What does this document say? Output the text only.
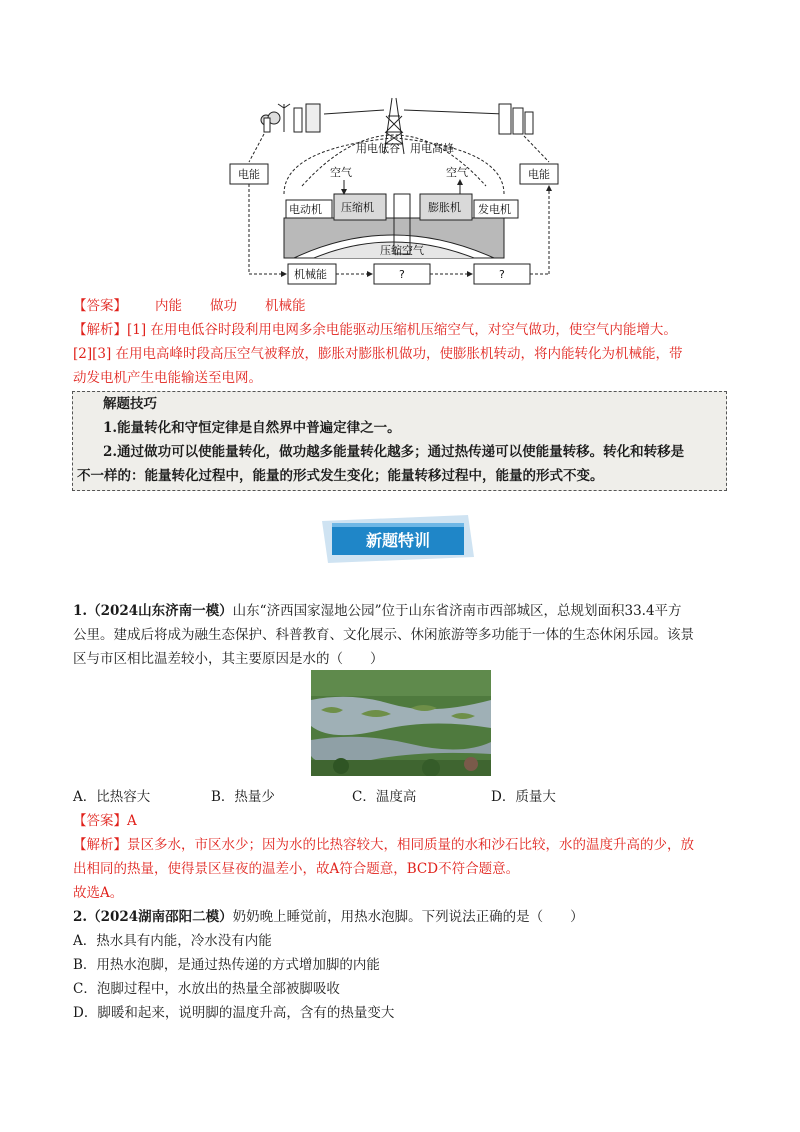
电能	电能
用电低谷 用电高峰
空气	空气
电动机 压缩机	膨胀机 发电机
压缩空气
机械能	?	?
【答案】 内能 做功 机械能
【解析】[1] 在用电低谷时段利用电网多余电能驱动压缩机压缩空气，对空气做功，使空气内能增大。
[2][3] 在用电高峰时段高压空气被释放，膨胀对膨胀机做功，使膨胀机转动，将内能转化为机械能，带
动发电机产生电能输送至电网。
解题技巧
1.能量转化和守恒定律是自然界中普遍定律之一。
2.通过做功可以使能量转化，做功越多能量转化越多；通过热传递可以使能量转移。转化和转移是
不一样的：能量转化过程中，能量的形式发生变化；能量转移过程中，能量的形式不变。
新题特训
1.（2024山东济南一模）山东“济西国家湿地公园”位于山东省济南市西部城区，总规划面积33.4平方
公里。建成后将成为融生态保护、科普教育、文化展示、休闲旅游等多功能于一体的生态休闲乐园。该景
区与市区相比温差较小，其主要原因是水的（　　）
A．比热容大	B．热量少	C．温度高	D．质量大
【答案】A
【解析】景区多水，市区水少；因为水的比热容较大，相同质量的水和沙石比较，水的温度升高的少，放
出相同的热量，使得景区昼夜的温差小，故A符合题意，BCD不符合题意。
故选A。
2.（2024湖南邵阳二模）奶奶晚上睡觉前，用热水泡脚。下列说法正确的是（　　）
A．热水具有内能，冷水没有内能
B．用热水泡脚，是通过热传递的方式增加脚的内能
C．泡脚过程中，水放出的热量全部被脚吸收
D．脚暖和起来，说明脚的温度升高，含有的热量变大
